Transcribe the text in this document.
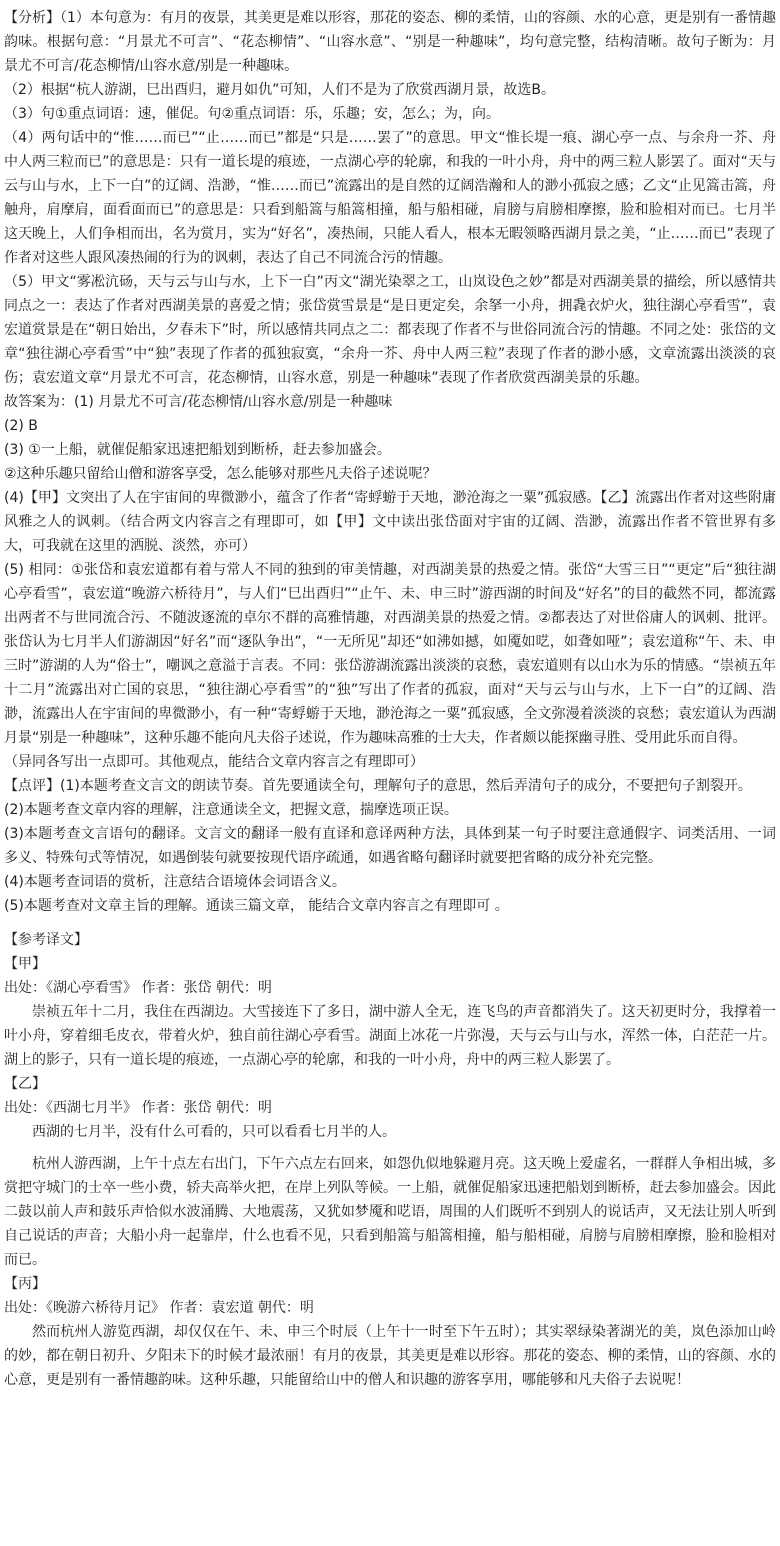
【分析】（1）本句意为：有月的夜景，其美更是难以形容，那花的姿态、柳的柔情，山的容颜、水的心意，更是别有一番情趣韵味。根据句意：“月景尤不可言”、“花态柳情”、“山容水意”、“别是一种趣味”，均句意完整，结构清晰。故句子断为：月景尤不可言/花态柳情/山容水意/别是一种趣味。

（2）根据“杭人游湖，巳出酉归，避月如仇”可知，人们不是为了欣赏西湖月景，故选B。

（3）句①重点词语：速，催促。句②重点词语：乐，乐趣；安，怎么；为，向。

（4）两句话中的“惟……而已”“止……而已”都是“只是……罢了”的意思。甲文“惟长堤一痕、湖心亭一点、与余舟一芥、舟中人两三粒而已”的意思是：只有一道长堤的痕迹，一点湖心亭的轮廓，和我的一叶小舟，舟中的两三粒人影罢了。面对“天与云与山与水，上下一白”的辽阔、浩渺，“惟……而已”流露出的是自然的辽阔浩瀚和人的渺小孤寂之感；乙文“止见篙击篙，舟触舟，肩摩肩，面看面而已”的意思是：只看到船篙与船篙相撞，船与船相碰，肩膀与肩膀相摩擦，脸和脸相对而已。七月半这天晚上，人们争相而出，名为赏月，实为“好名”，凑热闹，只能人看人，根本无暇领略西湖月景之美，“止……而已”表现了作者对这些人跟风凑热闹的行为的讽刺，表达了自己不同流合污的情趣。

（5）甲文“雾凇沆砀，天与云与山与水，上下一白”丙文“湖光染翠之工，山岚设色之妙”都是对西湖美景的描绘，所以感情共同点之一：表达了作者对西湖美景的喜爱之情；张岱赏雪景是“是日更定矣，余拏一小舟，拥毳衣炉火，独往湖心亭看雪”，袁宏道赏景是在“朝日始出，夕春未下”时，所以感情共同点之二：都表现了作者不与世俗同流合污的情趣。不同之处：张岱的文章“独往湖心亭看雪”中“独”表现了作者的孤独寂寞，“余舟一芥、舟中人两三粒”表现了作者的渺小感，文章流露出淡淡的哀伤；袁宏道文章“月景尤不可言，花态柳情，山容水意，别是一种趣味”表现了作者欣赏西湖美景的乐趣。

故答案为：(1) 月景尤不可言/花态柳情/山容水意/别是一种趣味

(2) B

(3) ①一上船，就催促船家迅速把船划到断桥，赶去参加盛会。

②这种乐趣只留给山僧和游客享受，怎么能够对那些凡夫俗子述说呢？

(4)【甲】文突出了人在宇宙间的卑微渺小，蕴含了作者“寄蜉蝣于天地，渺沧海之一粟”孤寂感。【乙】流露出作者对这些附庸风雅之人的讽刺。（结合两文内容言之有理即可，如【甲】文中读出张岱面对宇宙的辽阔、浩渺，流露出作者不管世界有多大，可我就在这里的洒脱、淡然，亦可）

(5) 相同：①张岱和袁宏道都有着与常人不同的独到的审美情趣，对西湖美景的热爱之情。张岱“大雪三日”“更定”后“独往湖心亭看雪”，袁宏道“晚游六桥待月”，与人们“巳出酉归”“止午、未、申三时”游西湖的时间及“好名”的目的截然不同，都流露出两者不与世同流合污、不随波逐流的卓尔不群的高雅情趣，对西湖美景的热爱之情。②都表达了对世俗庸人的讽刺、批评。张岱认为七月半人们游湖因“好名”而“逐队争出”，“一无所见”却还“如沸如撼，如魇如呓，如聋如哑”；袁宏道称“午、未、申三时”游湖的人为“俗士”，嘲讽之意溢于言表。不同：张岱游湖流露出淡淡的哀愁，袁宏道则有以山水为乐的情感。“崇祯五年十二月”流露出对亡国的哀思，“独往湖心亭看雪”的“独”写出了作者的孤寂，面对“天与云与山与水，上下一白”的辽阔、浩渺，流露出人在宇宙间的卑微渺小，有一种“寄蜉蝣于天地，渺沧海之一粟”孤寂感，全文弥漫着淡淡的哀愁；袁宏道认为西湖月景“别是一种趣味”，这种乐趣不能向凡夫俗子述说，作为趣味高雅的士大夫，作者颇以能探幽寻胜、受用此乐而自得。

（异同各写出一点即可。其他观点，能结合文章内容言之有理即可）

【点评】(1)本题考查文言文的朗读节奏。首先要通读全句，理解句子的意思，然后弄清句子的成分，不要把句子割裂开。

(2)本题考查文章内容的理解，注意通读全文，把握文意，揣摩选项正误。

(3)本题考查文言语句的翻译。文言文的翻译一般有直译和意译两种方法，具体到某一句子时要注意通假字、词类活用、一词多义、特殊句式等情况，如遇倒装句就要按现代语序疏通，如遇省略句翻译时就要把省略的成分补充完整。

(4)本题考查词语的赏析，注意结合语境体会词语含义。

(5)本题考查对文章主旨的理解。通读三篇文章， 能结合文章内容言之有理即可 。

【参考译文】

【甲】

出处：《湖心亭看雪》 作者：张岱 朝代：明

崇祯五年十二月，我住在西湖边。大雪接连下了多日，湖中游人全无，连飞鸟的声音都消失了。这天初更时分，我撑着一叶小舟，穿着细毛皮衣，带着火炉，独自前往湖心亭看雪。湖面上冰花一片弥漫，天与云与山与水，浑然一体，白茫茫一片。湖上的影子，只有一道长堤的痕迹，一点湖心亭的轮廓，和我的一叶小舟，舟中的两三粒人影罢了。

【乙】

出处：《西湖七月半》 作者：张岱 朝代：明

西湖的七月半，没有什么可看的，只可以看看七月半的人。

杭州人游西湖，上午十点左右出门，下午六点左右回来，如怨仇似地躲避月亮。这天晚上爱虚名，一群群人争相出城，多赏把守城门的士卒一些小费，轿夫高举火把，在岸上列队等候。一上船，就催促船家迅速把船划到断桥，赶去参加盛会。因此二鼓以前人声和鼓乐声恰似水波涌腾、大地震荡，又犹如梦魇和呓语，周围的人们既听不到别人的说话声，又无法让别人听到自己说话的声音；大船小舟一起靠岸，什么也看不见，只看到船篙与船篙相撞，船与船相碰，肩膀与肩膀相摩擦，脸和脸相对而已。

【丙】

出处：《晚游六桥待月记》 作者：袁宏道 朝代：明

然而杭州人游览西湖，却仅仅在午、未、申三个时辰（上午十一时至下午五时）；其实翠绿染著湖光的美，岚色添加山岭的妙，都在朝日初升、夕阳未下的时候才最浓丽！有月的夜景，其美更是难以形容。那花的姿态、柳的柔情，山的容颜、水的心意，更是别有一番情趣韵味。这种乐趣，只能留给山中的僧人和识趣的游客享用，哪能够和凡夫俗子去说呢！
